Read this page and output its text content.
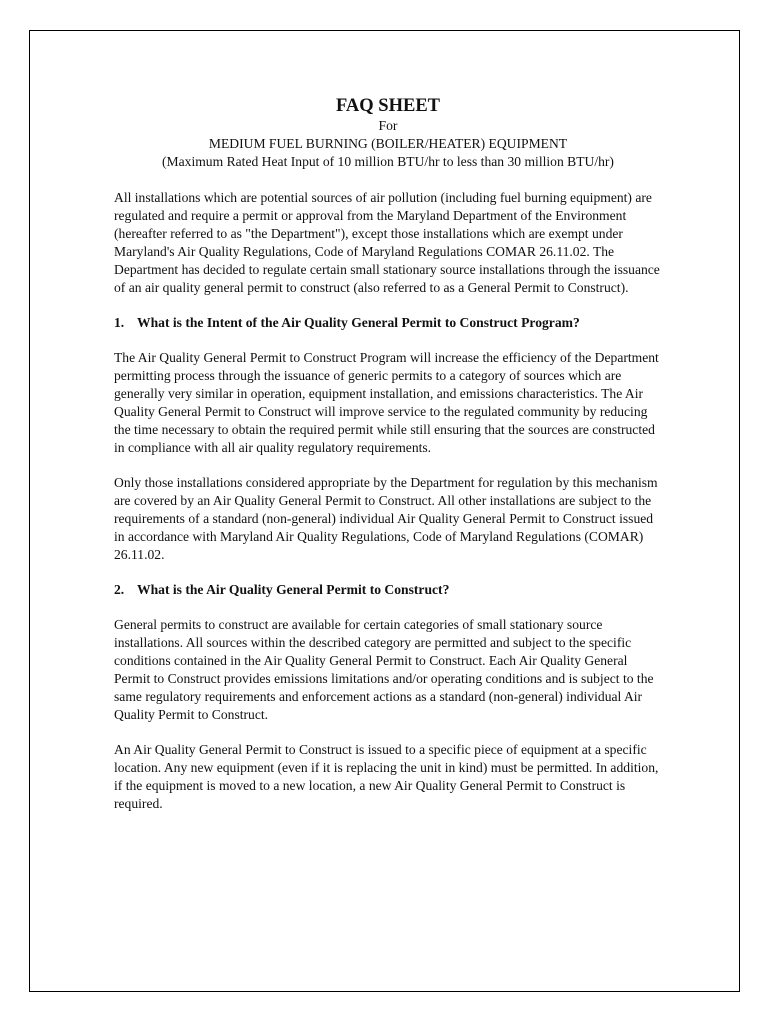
FAQ SHEET

For

MEDIUM FUEL BURNING (BOILER/HEATER) EQUIPMENT

(Maximum Rated Heat Input of 10 million BTU/hr to less than 30 million BTU/hr)

All installations which are potential sources of air pollution (including fuel burning equipment) are regulated and require a permit or approval from the Maryland Department of the Environment (hereafter referred to as "the Department"), except those installations which are exempt under Maryland's Air Quality Regulations, Code of Maryland Regulations COMAR 26.11.02. The Department has decided to regulate certain small stationary source installations through the issuance of an air quality general permit to construct (also referred to as a General Permit to Construct).

1. What is the Intent of the Air Quality General Permit to Construct Program?

The Air Quality General Permit to Construct Program will increase the efficiency of the Department permitting process through the issuance of generic permits to a category of sources which are generally very similar in operation, equipment installation, and emissions characteristics. The Air Quality General Permit to Construct will improve service to the regulated community by reducing the time necessary to obtain the required permit while still ensuring that the sources are constructed in compliance with all air quality regulatory requirements.

Only those installations considered appropriate by the Department for regulation by this mechanism are covered by an Air Quality General Permit to Construct. All other installations are subject to the requirements of a standard (non-general) individual Air Quality General Permit to Construct issued in accordance with Maryland Air Quality Regulations, Code of Maryland Regulations (COMAR) 26.11.02.

2. What is the Air Quality General Permit to Construct?

General permits to construct are available for certain categories of small stationary source installations. All sources within the described category are permitted and subject to the specific conditions contained in the Air Quality General Permit to Construct. Each Air Quality General Permit to Construct provides emissions limitations and/or operating conditions and is subject to the same regulatory requirements and enforcement actions as a standard (non-general) individual Air Quality Permit to Construct.

An Air Quality General Permit to Construct is issued to a specific piece of equipment at a specific location. Any new equipment (even if it is replacing the unit in kind) must be permitted. In addition, if the equipment is moved to a new location, a new Air Quality General Permit to Construct is required.
